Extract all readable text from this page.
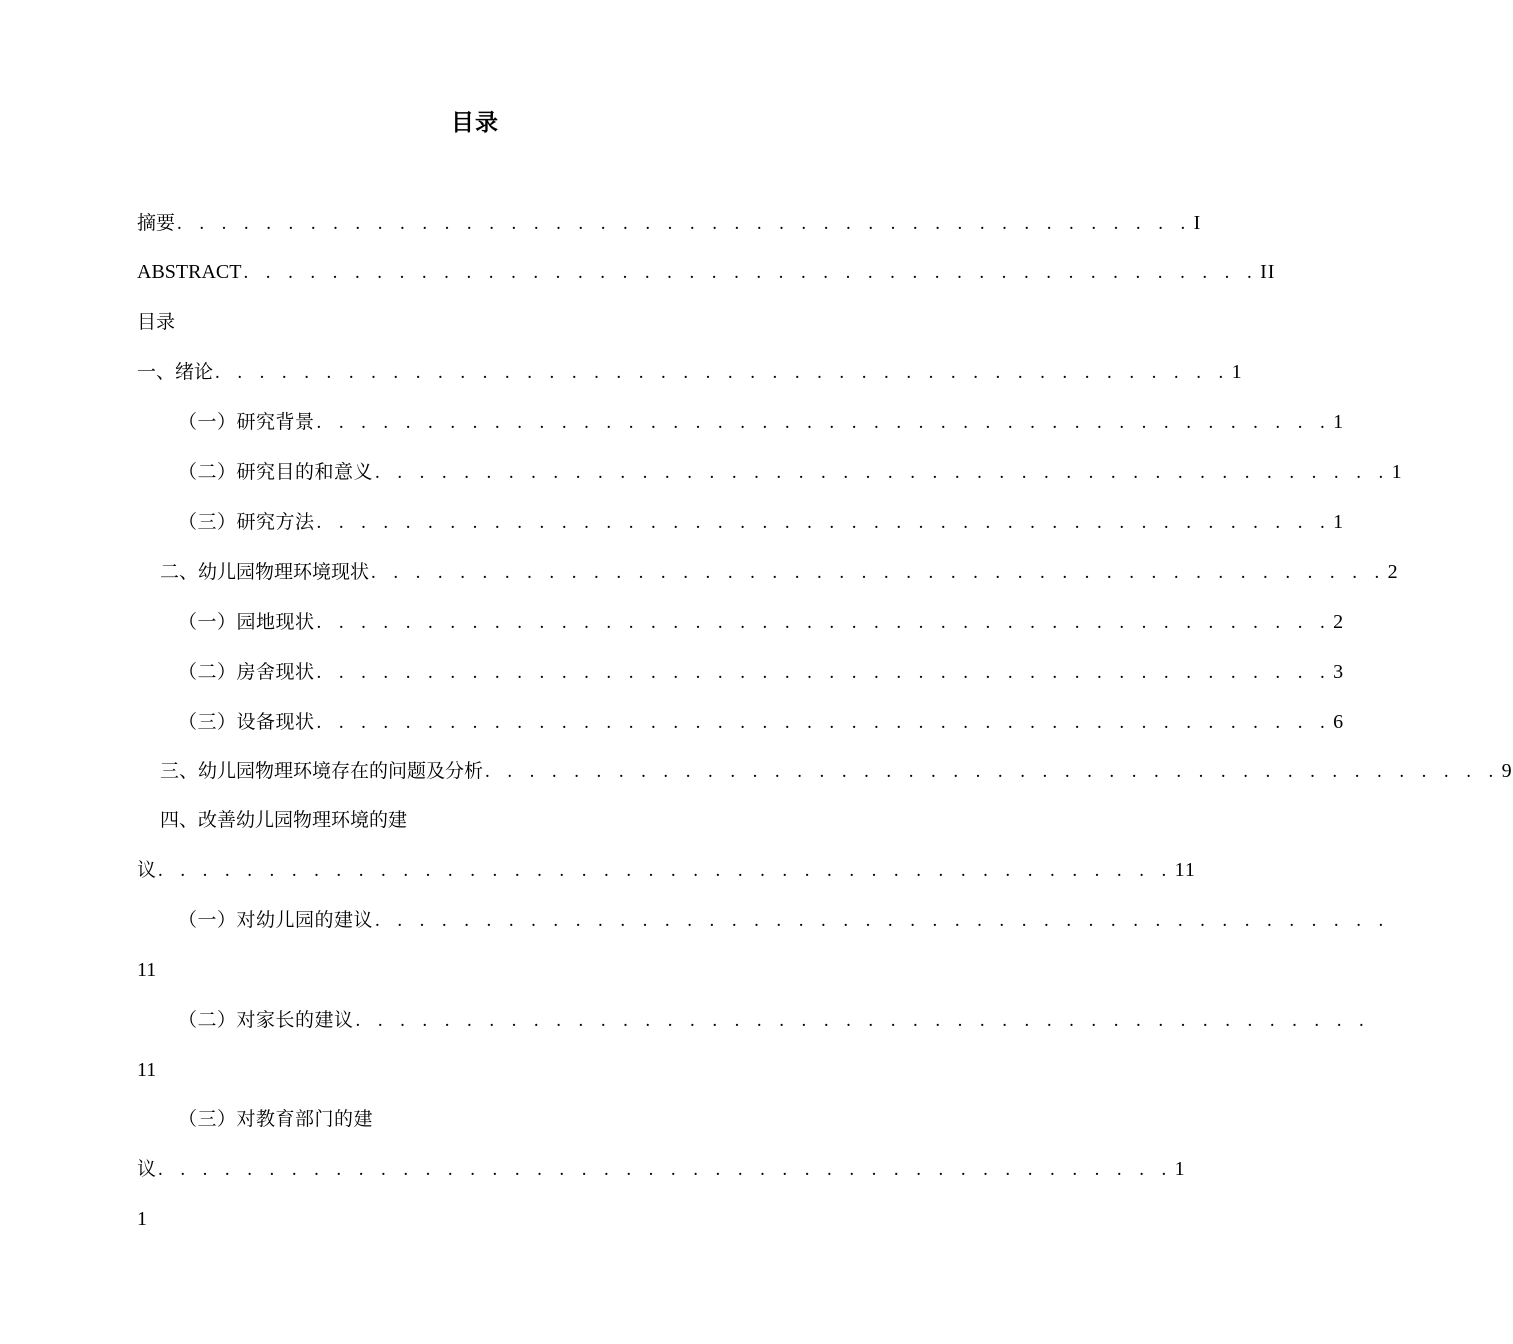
目录
摘要 . . . . . . . . . . . . . . . . . . . . . . . . . . . . . . . . . . . . . . . . . . . . . . I
ABSTRACT . . . . . . . . . . . . . . . . . . . . . . . . . . . . . . . . . . . . . . . . . . . . . . II
目录
一、绪论 . . . . . . . . . . . . . . . . . . . . . . . . . . . . . . . . . . . . . . . . . . . . . . 1
（一）研究背景 . . . . . . . . . . . . . . . . . . . . . . . . . . . . . . . . . . . . . . . . . . . . . . 1
（二）研究目的和意义 . . . . . . . . . . . . . . . . . . . . . . . . . . . . . . . . . . . . . . . . . . . . . . 1
（三）研究方法 . . . . . . . . . . . . . . . . . . . . . . . . . . . . . . . . . . . . . . . . . . . . . . 1
二、幼儿园物理环境现状 . . . . . . . . . . . . . . . . . . . . . . . . . . . . . . . . . . . . . . . . . . . . . . 2
（一）园地现状 . . . . . . . . . . . . . . . . . . . . . . . . . . . . . . . . . . . . . . . . . . . . . . 2
（二）房舍现状 . . . . . . . . . . . . . . . . . . . . . . . . . . . . . . . . . . . . . . . . . . . . . . 3
（三）设备现状 . . . . . . . . . . . . . . . . . . . . . . . . . . . . . . . . . . . . . . . . . . . . . . 6
三、幼儿园物理环境存在的问题及分析 . . . . . . . . . . . . . . . . . . . . . . . . . . . . . . . . . . . . . . . . . . . . . . 9
四、改善幼儿园物理环境的建
议 . . . . . . . . . . . . . . . . . . . . . . . . . . . . . . . . . . . . . . . . . . . . . . 11
（一）对幼儿园的建议 . . . . . . . . . . . . . . . . . . . . . . . . . . . . . . . . . . . . . . . . . . . . . .
11
（二）对家长的建议 . . . . . . . . . . . . . . . . . . . . . . . . . . . . . . . . . . . . . . . . . . . . . .
11
（三）对教育部门的建
议 . . . . . . . . . . . . . . . . . . . . . . . . . . . . . . . . . . . . . . . . . . . . . . 1
1
